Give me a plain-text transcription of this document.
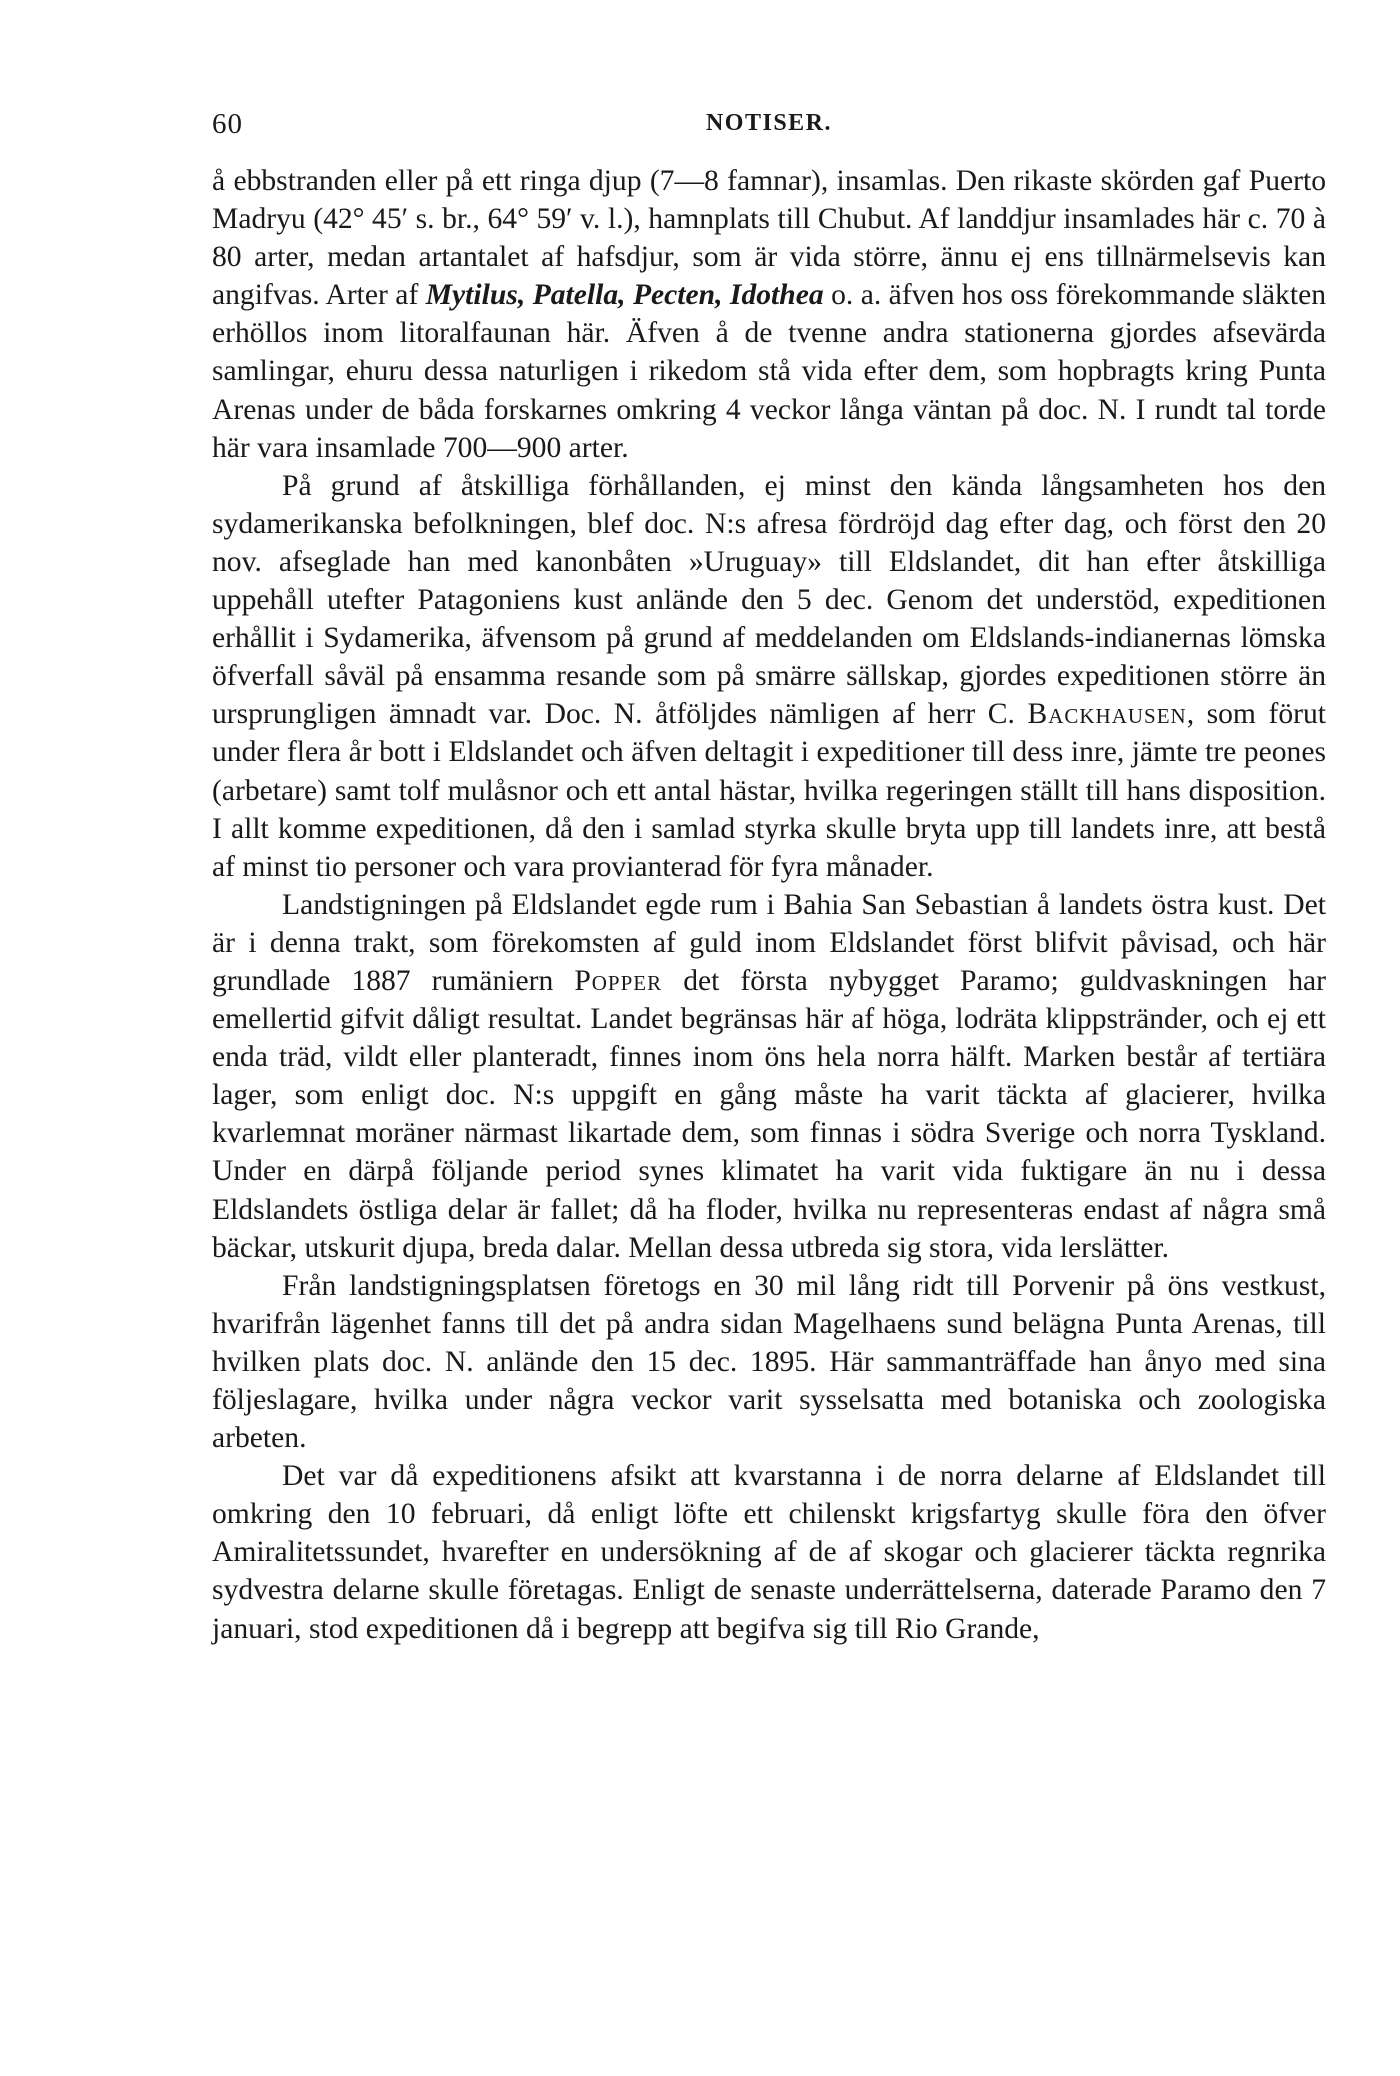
60	NOTISER.

å ebbstranden eller på ett ringa djup (7—8 famnar), insamlas. Den rikaste skörden gaf Puerto Madryu (42° 45′ s. br., 64° 59′ v. l.), hamnplats till Chubut. Af landdjur insamlades här c. 70 à 80 arter, medan artantalet af hafsdjur, som är vida större, ännu ej ens tillnärmelsevis kan angifvas. Arter af Mytilus, Patella, Pecten, Idothea o. a. äfven hos oss förekommande släkten erhöllos inom litoralfaunan här. Äfven å de tvenne andra stationerna gjordes afsevärda samlingar, ehuru dessa naturligen i rikedom stå vida efter dem, som hopbragts kring Punta Arenas under de båda forskarnes omkring 4 veckor långa väntan på doc. N. I rundt tal torde här vara insamlade 700—900 arter.

På grund af åtskilliga förhållanden, ej minst den kända långsamheten hos den sydamerikanska befolkningen, blef doc. N:s afresa fördröjd dag efter dag, och först den 20 nov. afseglade han med kanonbåten »Uruguay» till Eldslandet, dit han efter åtskilliga uppehåll utefter Patagoniens kust anlände den 5 dec. Genom det understöd, expeditionen erhållit i Sydamerika, äfvensom på grund af meddelanden om Eldslands-indianernas lömska öfverfall såväl på ensamma resande som på smärre sällskap, gjordes expeditionen större än ursprungligen ämnadt var. Doc. N. åtföljdes nämligen af herr C. Backhausen, som förut under flera år bott i Eldslandet och äfven deltagit i expeditioner till dess inre, jämte tre peones (arbetare) samt tolf mulåsnor och ett antal hästar, hvilka regeringen ställt till hans disposition. I allt komme expeditionen, då den i samlad styrka skulle bryta upp till landets inre, att bestå af minst tio personer och vara provianterad för fyra månader.

Landstigningen på Eldslandet egde rum i Bahia San Sebastian å landets östra kust. Det är i denna trakt, som förekomsten af guld inom Eldslandet först blifvit påvisad, och här grundlade 1887 rumäniern Popper det första nybygget Paramo; guldvaskningen har emellertid gifvit dåligt resultat. Landet begränsas här af höga, lodräta klippstränder, och ej ett enda träd, vildt eller planteradt, finnes inom öns hela norra hälft. Marken består af tertiära lager, som enligt doc. N:s uppgift en gång måste ha varit täckta af glacierer, hvilka kvarlemnat moräner närmast likartade dem, som finnas i södra Sverige och norra Tyskland. Under en därpå följande period synes klimatet ha varit vida fuktigare än nu i dessa Eldslandets östliga delar är fallet; då ha floder, hvilka nu representeras endast af några små bäckar, utskurit djupa, breda dalar. Mellan dessa utbreda sig stora, vida lerslätter.

Från landstigningsplatsen företogs en 30 mil lång ridt till Porvenir på öns vestkust, hvarifrån lägenhet fanns till det på andra sidan Magelhaens sund belägna Punta Arenas, till hvilken plats doc. N. anlände den 15 dec. 1895. Här sammanträffade han ånyo med sina följeslagare, hvilka under några veckor varit sysselsatta med botaniska och zoologiska arbeten.

Det var då expeditionens afsikt att kvarstanna i de norra delarne af Eldslandet till omkring den 10 februari, då enligt löfte ett chilenskt krigsfartyg skulle föra den öfver Amiralitetssundet, hvarefter en undersökning af de af skogar och glacierer täckta regnrika sydvestra delarne skulle företagas. Enligt de senaste underrättelserna, daterade Paramo den 7 januari, stod expeditionen då i begrepp att begifva sig till Rio Grande,
